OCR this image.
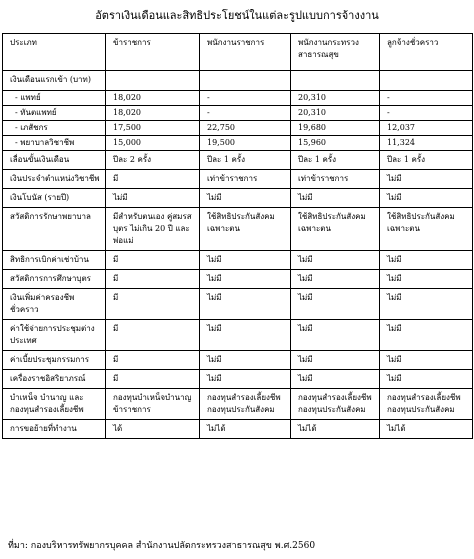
อัตราเงินเดือนและสิทธิประโยชน์ในแต่ละรูปแบบการจ้างงาน
ประเภท	ข้าราชการ	พนักงานราชการ	พนักงานกระทรวงสาธารณสุข	ลูกจ้างชั่วคราว
เงินเดือนแรกเข้า (บาท)				
- แพทย์	18,020	-	20,310	-
- ทันตแพทย์	18,020	-	20,310	-
- เภสัชกร	17,500	22,750	19,680	12,037
- พยาบาลวิชาชีพ	15,000	19,500	15,960	11,324
เลื่อนขั้นเงินเดือน	ปีละ 2 ครั้ง	ปีละ 1 ครั้ง	ปีละ 1 ครั้ง	ปีละ 1 ครั้ง
เงินประจำตำแหน่งวิชาชีพ	มี	เท่าข้าราชการ	เท่าข้าราชการ	ไม่มี
เงินโบนัส (รายปี)	ไม่มี	ไม่มี	ไม่มี	ไม่มี
สวัสดิการรักษาพยาบาล	มีสำหรับตนเอง คู่สมรส บุตร ไม่เกิน 20 ปี และพ่อแม่	ใช้สิทธิประกันสังคมเฉพาะตน	ใช้สิทธิประกันสังคมเฉพาะตน	ใช้สิทธิประกันสังคมเฉพาะตน
สิทธิการเบิกค่าเช่าบ้าน	มี	ไม่มี	ไม่มี	ไม่มี
สวัสดิการการศึกษาบุตร	มี	ไม่มี	ไม่มี	ไม่มี
เงินเพิ่มค่าครองชีพชั่วคราว	มี	ไม่มี	ไม่มี	ไม่มี
ค่าใช้จ่ายการประชุมต่างประเทศ	มี	ไม่มี	ไม่มี	ไม่มี
ค่าเบี้ยประชุมกรรมการ	มี	ไม่มี	ไม่มี	ไม่มี
เครื่องราชอิสริยาภรณ์	มี	ไม่มี	ไม่มี	ไม่มี
บำเหน็จ บำนาญ และกองทุนสำรองเลี้ยงชีพ	กองทุนบำเหน็จบำนาญข้าราชการ	กองทุนสำรองเลี้ยงชีพ กองทุนประกันสังคม	กองทุนสำรองเลี้ยงชีพ กองทุนประกันสังคม	กองทุนสำรองเลี้ยงชีพ กองทุนประกันสังคม
การขอย้ายที่ทำงาน	ได้	ไม่ได้	ไม่ได้	ไม่ได้
ที่มา: กองบริหารทรัพยากรบุคคล สำนักงานปลัดกระทรวงสาธารณสุข พ.ศ.2560
